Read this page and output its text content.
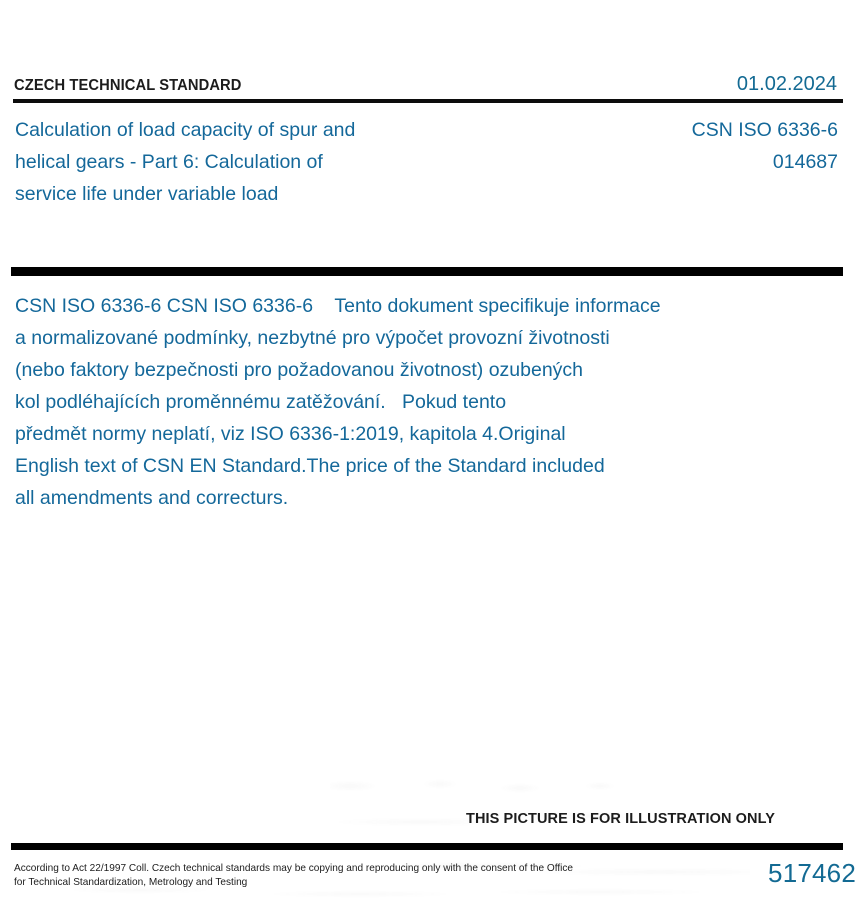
CZECH TECHNICAL STANDARD	01.02.2024
Calculation of load capacity of spur and
helical gears - Part 6: Calculation of
service life under variable load
CSN ISO 6336-6
014687

CSN ISO 6336-6 CSN ISO 6336-6    Tento dokument specifikuje informace

a normalizované podmínky, nezbytné pro výpočet provozní životnosti

(nebo faktory bezpečnosti pro požadovanou životnost) ozubených

kol podléhajících proměnnému zatěžování.   Pokud tento

předmět normy neplatí, viz ISO 6336-1:2019, kapitola 4.Original

English text of CSN EN Standard.The price of the Standard included

all amendments and correcturs.

THIS PICTURE IS FOR ILLUSTRATION ONLY
According to Act 22/1997 Coll. Czech technical standards may be copying and reproducing only with the consent of the Office
for Technical Standardization, Metrology and Testing	517462
